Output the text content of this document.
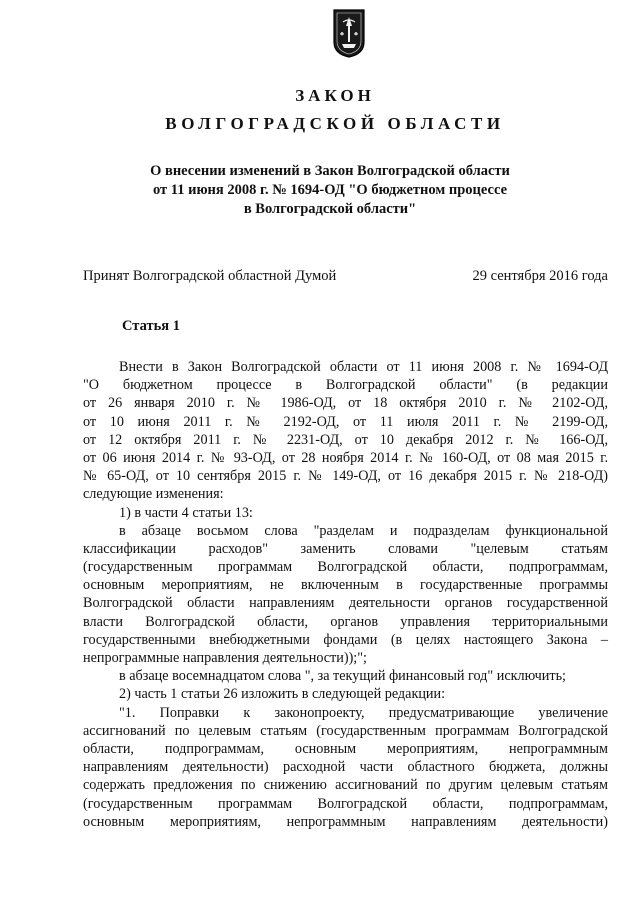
ЗАКОН
ВОЛГОГРАДСКОЙ ОБЛАСТИ
О внесении изменений в Закон Волгоградской области
от 11 июня 2008 г. № 1694-ОД "О бюджетном процессе
в Волгоградской области"
Принят Волгоградской областной Думой	29 сентября 2016 года
Статья 1
Внести в Закон Волгоградской области от 11 июня 2008 г. № 1694-ОД
"О бюджетном процессе в Волгоградской области" (в редакции
от 26 января 2010 г. № 1986-ОД, от 18 октября 2010 г. № 2102-ОД,
от 10 июня 2011 г. № 2192-ОД, от 11 июля 2011 г. № 2199-ОД,
от 12 октября 2011 г. № 2231-ОД, от 10 декабря 2012 г. № 166-ОД,
от 06 июня 2014 г. № 93-ОД, от 28 ноября 2014 г. № 160-ОД, от 08 мая 2015 г.
№ 65-ОД, от 10 сентября 2015 г. № 149-ОД, от 16 декабря 2015 г. № 218-ОД)
следующие изменения:
1) в части 4 статьи 13:
в абзаце восьмом слова "разделам и подразделам функциональной
классификации расходов" заменить словами "целевым статьям
(государственным программам Волгоградской области, подпрограммам,
основным мероприятиям, не включенным в государственные программы
Волгоградской области направлениям деятельности органов государственной
власти Волгоградской области, органов управления территориальными
государственными внебюджетными фондами (в целях настоящего Закона –
непрограммные направления деятельности));";
в абзаце восемнадцатом слова ", за текущий финансовый год" исключить;
2) часть 1 статьи 26 изложить в следующей редакции:
"1. Поправки к законопроекту, предусматривающие увеличение
ассигнований по целевым статьям (государственным программам Волгоградской
области, подпрограммам, основным мероприятиям, непрограммным
направлениям деятельности) расходной части областного бюджета, должны
содержать предложения по снижению ассигнований по другим целевым статьям
(государственным программам Волгоградской области, подпрограммам,
основным мероприятиям, непрограммным направлениям деятельности)
